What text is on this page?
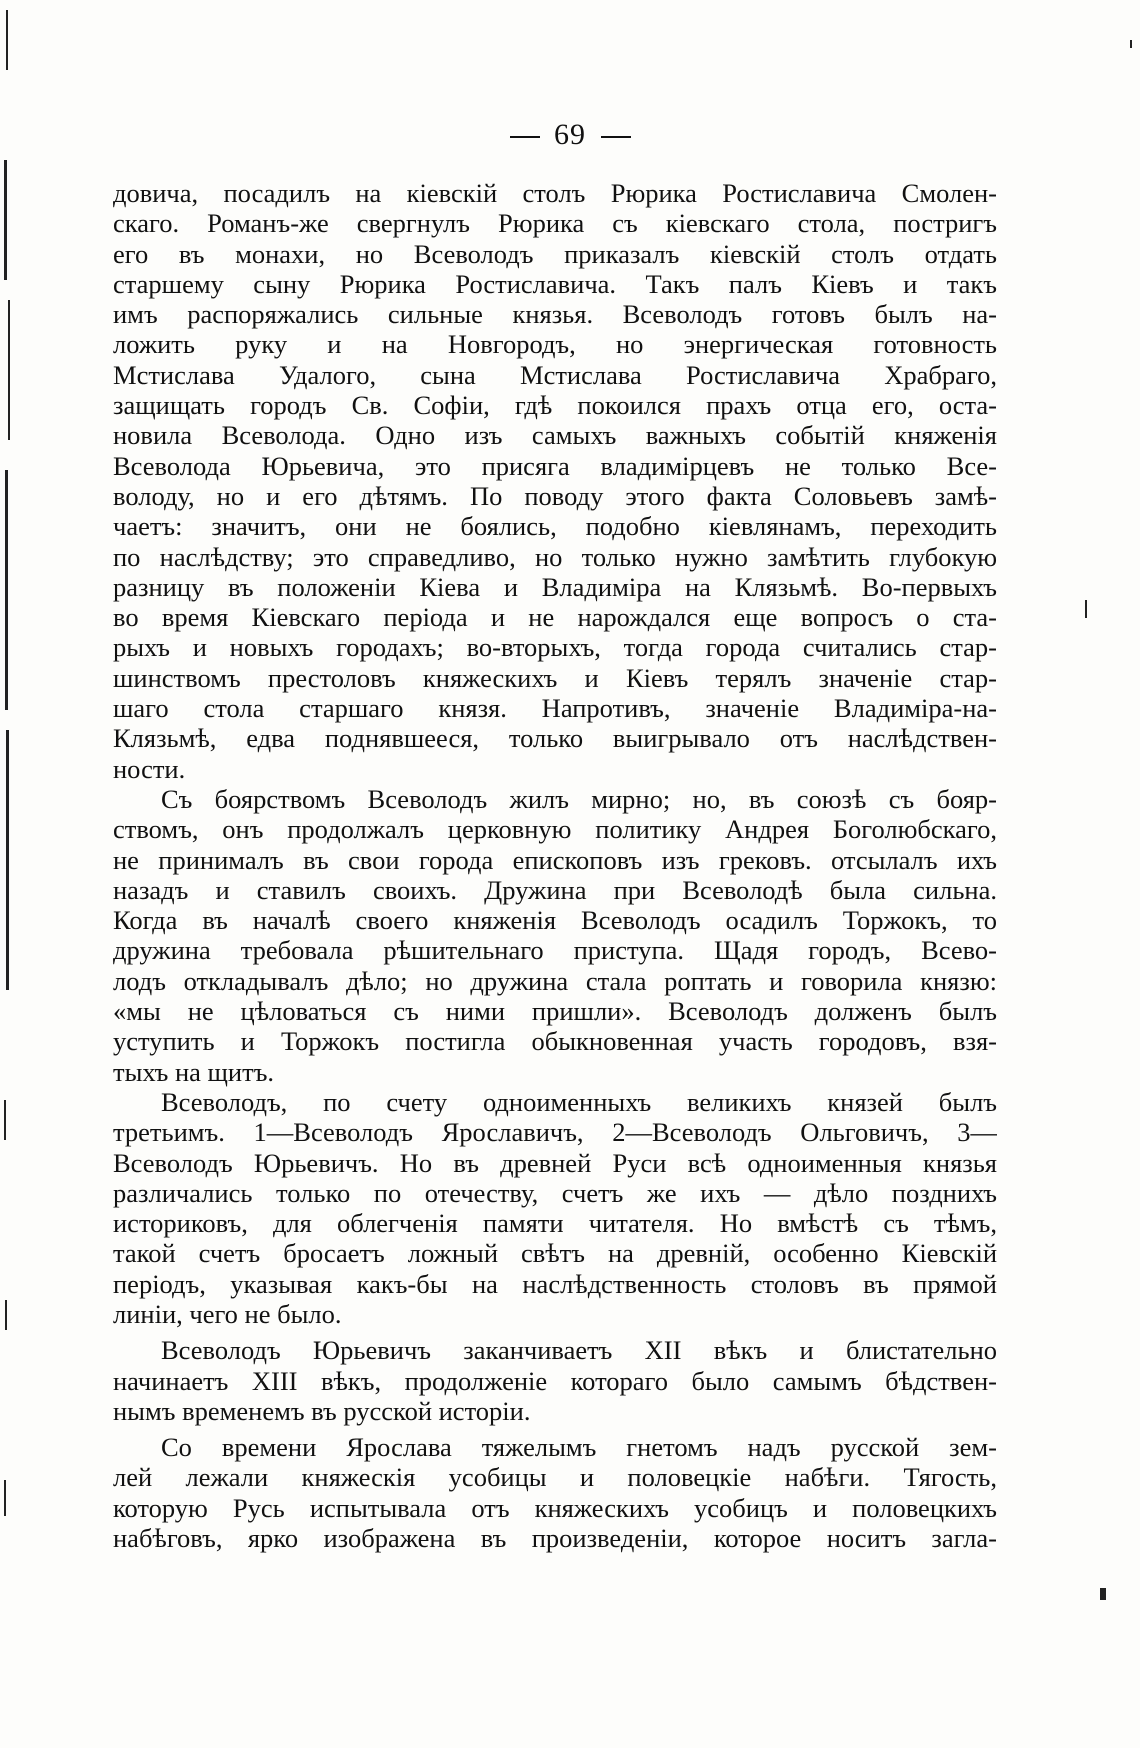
69
довича, посадилъ на кіевскій столъ Рюрика Ростиславича Смолен-
скаго. Романъ-же свергнулъ Рюрика съ кіевскаго стола, постригъ
его въ монахи, но Всеволодъ приказалъ кіевскій столъ отдать
старшему сыну Рюрика Ростиславича. Такъ палъ Кіевъ и такъ
имъ распоряжались сильные князья. Всеволодъ готовъ былъ на-
ложить руку и на Новгородъ, но энергическая готовность
Мстислава Удалого, сына Мстислава Ростиславича Храбраго,
защищать городъ Св. Софіи, гдѣ покоился прахъ отца его, оста-
новила Всеволода. Одно изъ самыхъ важныхъ событій княженія
Всеволода Юрьевича, это присяга владимірцевъ не только Все-
володу, но и его дѣтямъ. По поводу этого факта Соловьевъ замѣ-
чаетъ: значитъ, они не боялись, подобно кіевлянамъ, переходить
по наслѣдству; это справедливо, но только нужно замѣтить глубокую
разницу въ положеніи Кіева и Владиміра на Клязьмѣ. Во-первыхъ
во время Кіевскаго періода и не нарождался еще вопросъ о ста-
рыхъ и новыхъ городахъ; во-вторыхъ, тогда города считались стар-
шинствомъ престоловъ княжескихъ и Кіевъ терялъ значеніе стар-
шаго стола старшаго князя. Напротивъ, значеніе Владиміра-на-
Клязьмѣ, едва поднявшееся, только выигрывало отъ наслѣдствен-
ности.
Съ боярствомъ Всеволодъ жилъ мирно; но, въ союзѣ съ бояр-
ствомъ, онъ продолжалъ церковную политику Андрея Боголюбскаго,
не принималъ въ свои города епископовъ изъ грековъ. отсылалъ ихъ
назадъ и ставилъ своихъ. Дружина при Всеволодѣ была сильна.
Когда въ началѣ своего княженія Всеволодъ осадилъ Торжокъ, то
дружина требовала рѣшительнаго приступа. Щадя городъ, Всево-
лодъ откладывалъ дѣло; но дружина стала роптать и говорила князю:
«мы не цѣловаться съ ними пришли». Всеволодъ долженъ былъ
уступить и Торжокъ постигла обыкновенная участь городовъ, взя-
тыхъ на щитъ.
Всеволодъ, по счету одноименныхъ великихъ князей былъ
третьимъ. 1—Всеволодъ Ярославичъ, 2—Всеволодъ Ольговичъ, 3—
Всеволодъ Юрьевичъ. Но въ древней Руси всѣ одноименныя князья
различались только по отечеству, счетъ же ихъ — дѣло позднихъ
историковъ, для облегченія памяти читателя. Но вмѣстѣ съ тѣмъ,
такой счетъ бросаетъ ложный свѣтъ на древній, особенно Кіевскій
періодъ, указывая какъ-бы на наслѣдственность столовъ въ прямой
линіи, чего не было.
Всеволодъ Юрьевичъ заканчиваетъ XII вѣкъ и блистательно
начинаетъ XIII вѣкъ, продолженіе котораго было самымъ бѣдствен-
нымъ временемъ въ русской исторіи.
Со времени Ярослава тяжелымъ гнетомъ надъ русской зем-
лей лежали княжескія усобицы и половецкіе набѣги. Тягость,
которую Русь испытывала отъ княжескихъ усобицъ и половецкихъ
набѣговъ, ярко изображена въ произведеніи, которое носитъ загла-
